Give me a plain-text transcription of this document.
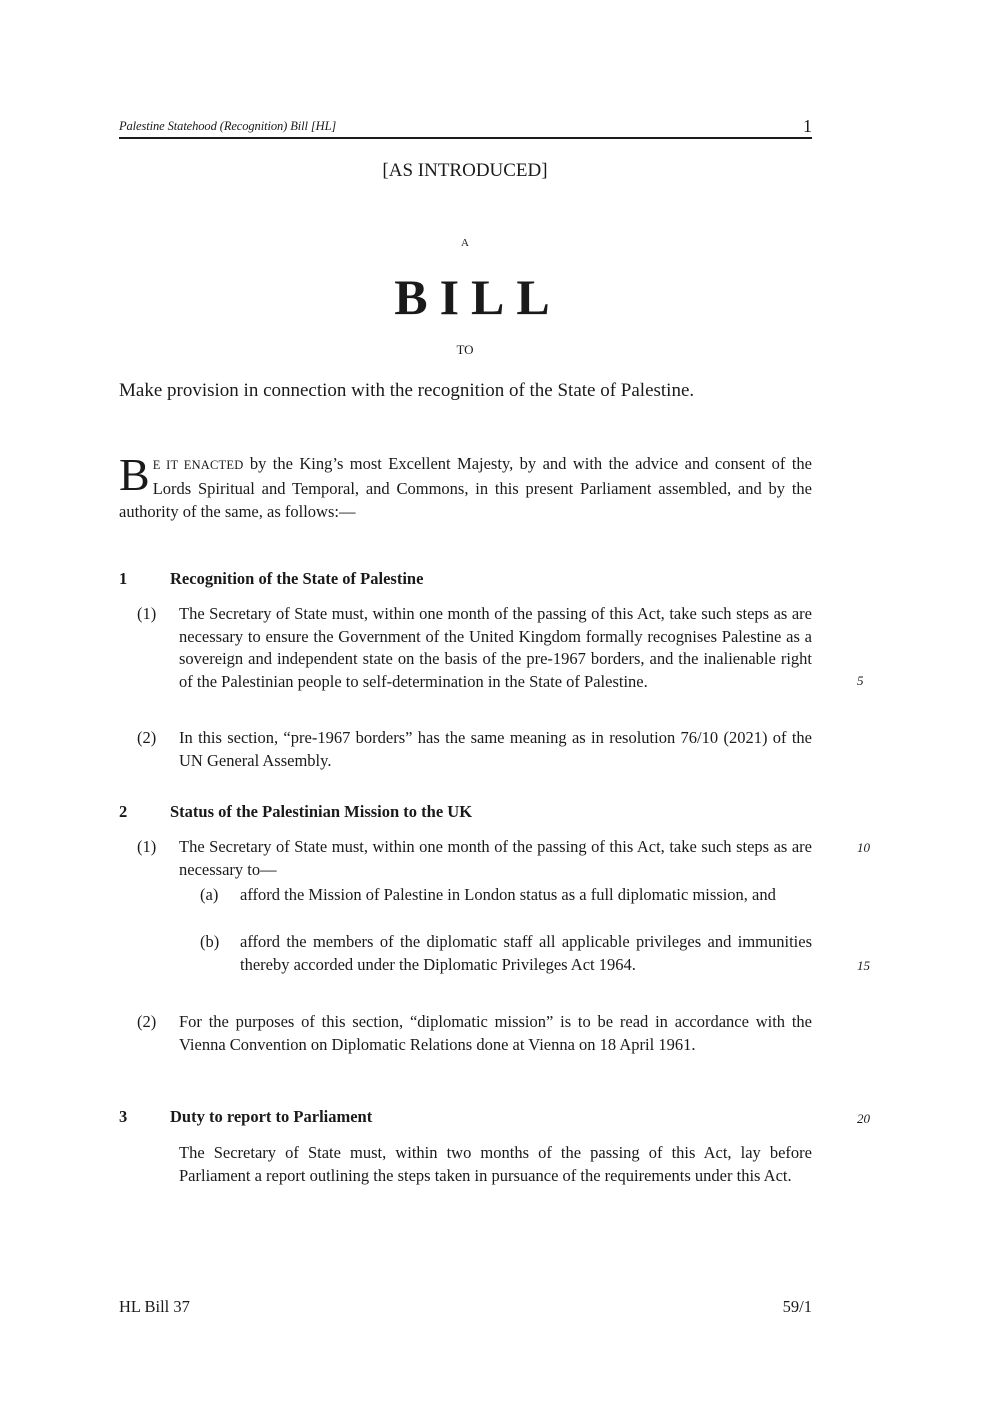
Palestine Statehood (Recognition) Bill [HL]	1
[AS INTRODUCED]
A
BILL
TO
Make provision in connection with the recognition of the State of Palestine.
B E IT ENACTED by the King’s most Excellent Majesty, by and with the advice and consent of the Lords Spiritual and Temporal, and Commons, in this present Parliament assembled, and by the authority of the same, as follows:—
1	Recognition of the State of Palestine
(1) The Secretary of State must, within one month of the passing of this Act, take such steps as are necessary to ensure the Government of the United Kingdom formally recognises Palestine as a sovereign and independent state on the basis of the pre-1967 borders, and the inalienable right of the Palestinian people to self-determination in the State of Palestine.
(2) In this section, “pre-1967 borders” has the same meaning as in resolution 76/10 (2021) of the UN General Assembly.
2	Status of the Palestinian Mission to the UK
(1) The Secretary of State must, within one month of the passing of this Act, take such steps as are necessary to—
(a) afford the Mission of Palestine in London status as a full diplomatic mission, and
(b) afford the members of the diplomatic staff all applicable privileges and immunities thereby accorded under the Diplomatic Privileges Act 1964.
(2) For the purposes of this section, “diplomatic mission” is to be read in accordance with the Vienna Convention on Diplomatic Relations done at Vienna on 18 April 1961.
3	Duty to report to Parliament
The Secretary of State must, within two months of the passing of this Act, lay before Parliament a report outlining the steps taken in pursuance of the requirements under this Act.
5
10
15
20
HL Bill 37	59/1
